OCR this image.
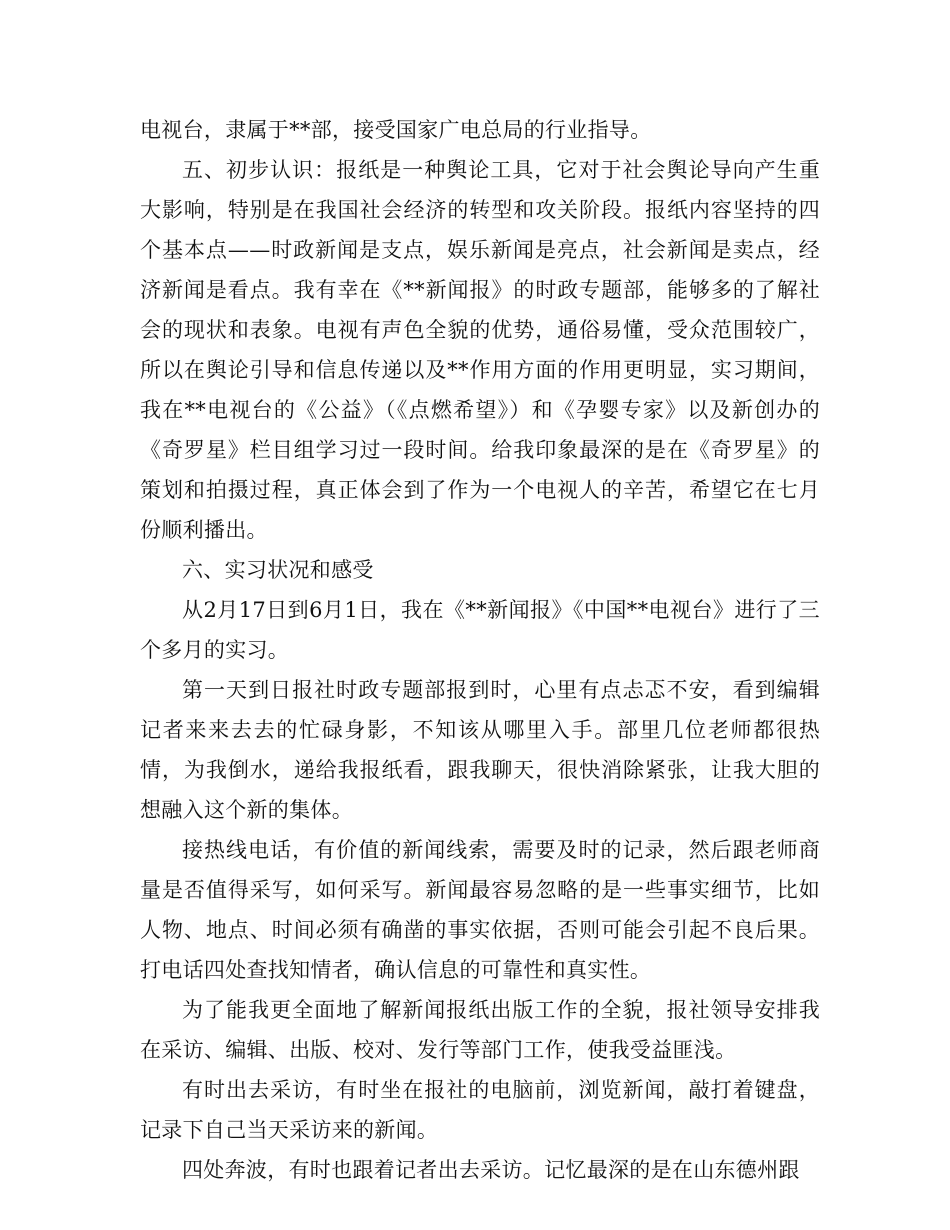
电视台，隶属于**部，接受国家广电总局的行业指导。

五、初步认识：报纸是一种舆论工具，它对于社会舆论导向产生重大影响，特别是在我国社会经济的转型和攻关阶段。报纸内容坚持的四个基本点——时政新闻是支点，娱乐新闻是亮点，社会新闻是卖点，经济新闻是看点。我有幸在《**新闻报》的时政专题部，能够多的了解社会的现状和表象。电视有声色全貌的优势，通俗易懂，受众范围较广，所以在舆论引导和信息传递以及**作用方面的作用更明显，实习期间，我在**电视台的《公益》（《点燃希望》）和《孕婴专家》以及新创办的《奇罗星》栏目组学习过一段时间。给我印象最深的是在《奇罗星》的策划和拍摄过程，真正体会到了作为一个电视人的辛苦，希望它在七月份顺利播出。

六、实习状况和感受

从2月17日到6月1日，我在《**新闻报》《中国**电视台》进行了三个多月的实习。

第一天到日报社时政专题部报到时，心里有点忐忑不安，看到编辑记者来来去去的忙碌身影，不知该从哪里入手。部里几位老师都很热情，为我倒水，递给我报纸看，跟我聊天，很快消除紧张，让我大胆的想融入这个新的集体。

接热线电话，有价值的新闻线索，需要及时的记录，然后跟老师商量是否值得采写，如何采写。新闻最容易忽略的是一些事实细节，比如人物、地点、时间必须有确凿的事实依据，否则可能会引起不良后果。打电话四处查找知情者，确认信息的可靠性和真实性。

为了能我更全面地了解新闻报纸出版工作的全貌，报社领导安排我在采访、编辑、出版、校对、发行等部门工作，使我受益匪浅。

有时出去采访，有时坐在报社的电脑前，浏览新闻，敲打着键盘，记录下自己当天采访来的新闻。

四处奔波，有时也跟着记者出去采访。记忆最深的是在山东德州跟
